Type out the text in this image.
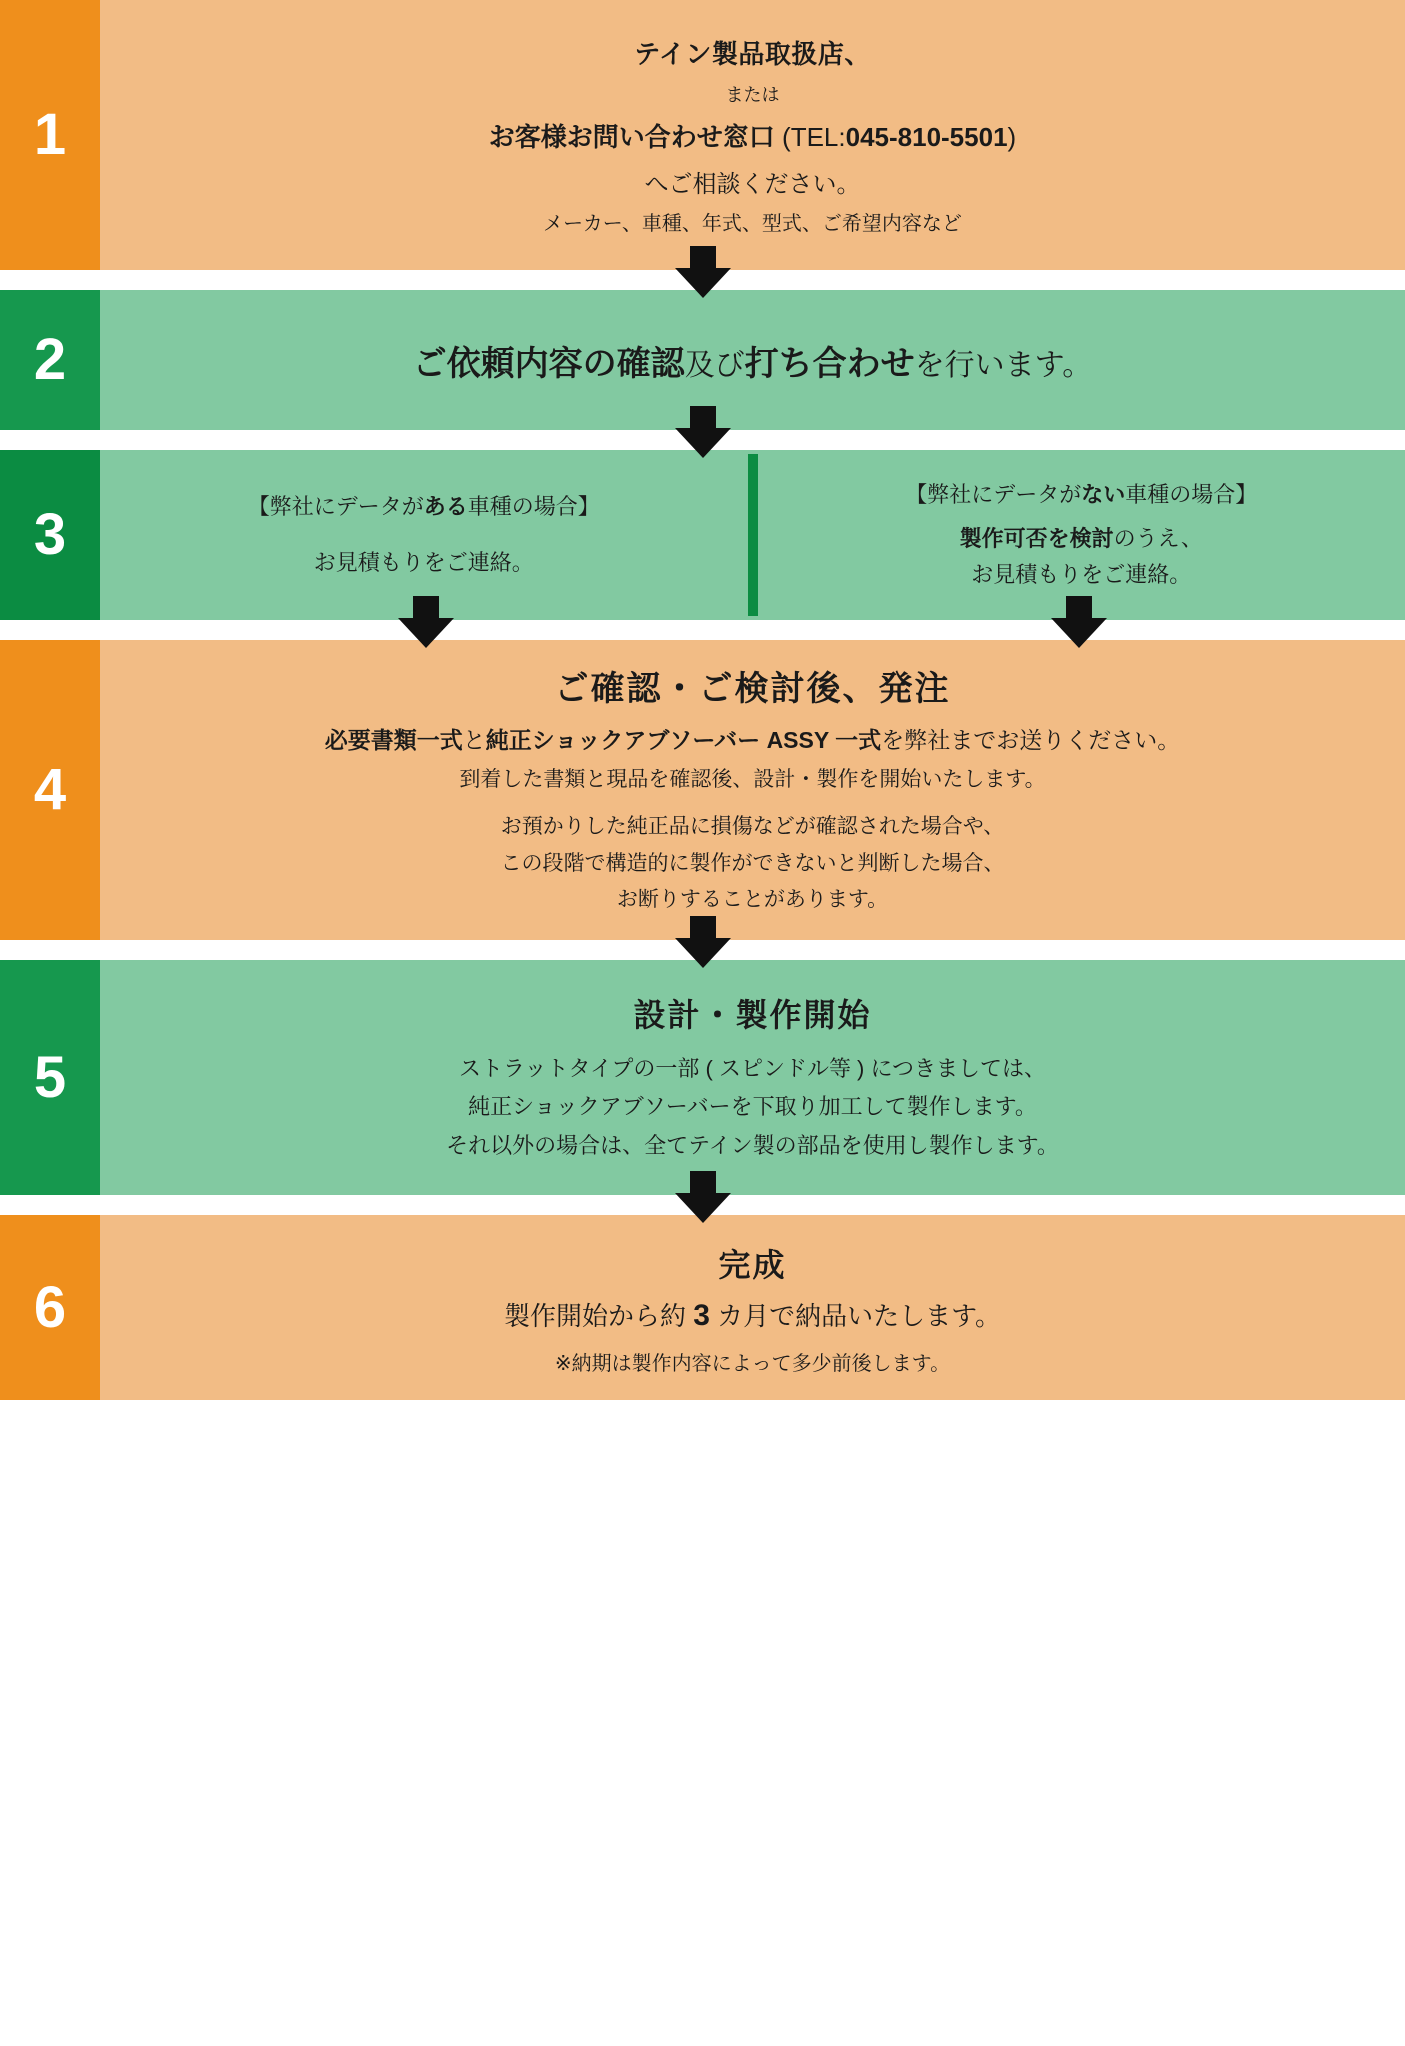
1
テイン製品取扱店、
または
お客様お問い合わせ窓口 (TEL:045-810-5501)
へご相談ください。
メーカー、車種、年式、型式、ご希望内容など
2	ご依頼内容の確認及び打ち合わせを行います。
3	【弊社にデータがある車種の場合】
お見積もりをご連絡。
【弊社にデータがない車種の場合】
製作可否を検討のうえ、
お見積もりをご連絡。
4
ご確認・ご検討後、発注
必要書類一式と純正ショックアブソーバー ASSY 一式を弊社までお送りください。
到着した書類と現品を確認後、設計・製作を開始いたします。
お預かりした純正品に損傷などが確認された場合や、
この段階で構造的に製作ができないと判断した場合、
お断りすることがあります。
5
設計・製作開始
ストラットタイプの一部 ( スピンドル等 ) につきましては、
純正ショックアブソーバーを下取り加工して製作します。
それ以外の場合は、全てテイン製の部品を使用し製作します。
6
完成
製作開始から約 3 カ月で納品いたします。
※納期は製作内容によって多少前後します。
